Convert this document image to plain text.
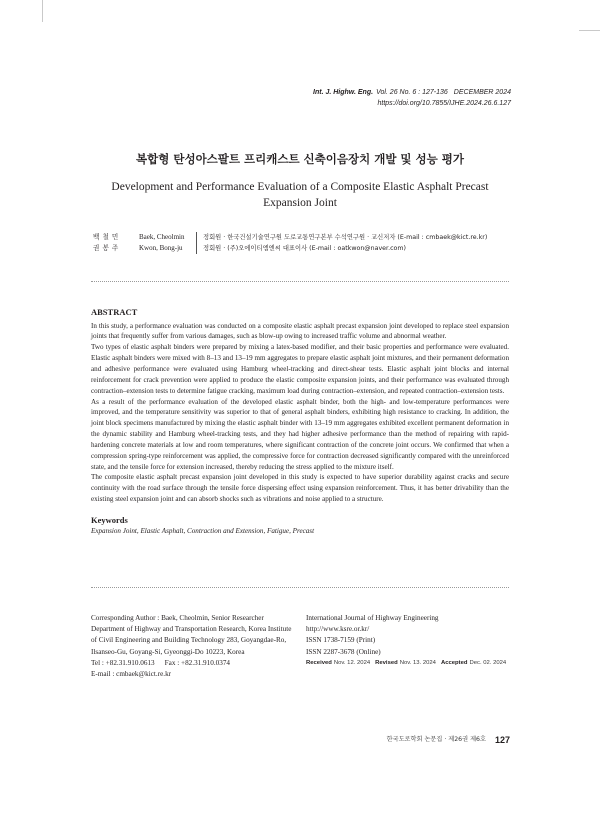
Int. J. Highw. Eng. Vol. 26 No. 6 : 127-136 DECEMBER 2024
https://doi.org/10.7855/IJHE.2024.26.6.127
복합형 탄성아스팔트 프리캐스트 신축이음장치 개발 및 성능 평가
Development and Performance Evaluation of a Composite Elastic Asphalt Precast Expansion Joint
백 철 민	Baek, Cheolmin	정회원 · 한국건설기술연구원 도로교통연구본부 수석연구원 · 교신저자 (E-mail : cmbaek@kict.re.kr)
권 봉 주	Kwon, Bong-ju	정회원 · (주)오에이티엠엔씨 대표이사 (E-mail : oatkwon@naver.com)
ABSTRACT

In this study, a performance evaluation was conducted on a composite elastic asphalt precast expansion joint developed to replace steel expansion joints that frequently suffer from various damages, such as blow-up owing to increased traffic volume and abnormal weather.

Two types of elastic asphalt binders were prepared by mixing a latex-based modifier, and their basic properties and performance were evaluated. Elastic asphalt binders were mixed with 8–13 and 13–19 mm aggregates to prepare elastic asphalt joint mixtures, and their permanent deformation and adhesive performance were evaluated using Hamburg wheel-tracking and direct-shear tests. Elastic asphalt joint blocks and internal reinforcement for crack prevention were applied to produce the elastic composite expansion joints, and their performance was evaluated through contraction–extension tests to determine fatigue cracking, maximum load during contraction–extension, and repeated contraction–extension tests.

As a result of the performance evaluation of the developed elastic asphalt binder, both the high- and low-temperature performances were improved, and the temperature sensitivity was superior to that of general asphalt binders, exhibiting high resistance to cracking. In addition, the joint block specimens manufactured by mixing the elastic asphalt binder with 13–19 mm aggregates exhibited excellent permanent deformation in the dynamic stability and Hamburg wheel-tracking tests, and they had higher adhesive performance than the method of repairing with rapid-hardening concrete materials at low and room temperatures, where significant contraction of the concrete joint occurs. We confirmed that when a compression spring-type reinforcement was applied, the compressive force for contraction decreased significantly compared with the unreinforced state, and the tensile force for extension increased, thereby reducing the stress applied to the mixture itself.

The composite elastic asphalt precast expansion joint developed in this study is expected to have superior durability against cracks and secure continuity with the road surface through the tensile force dispersing effect using expansion reinforcement. Thus, it has better drivability than the existing steel expansion joint and can absorb shocks such as vibrations and noise applied to a structure.

Keywords
Expansion Joint, Elastic Asphalt, Contraction and Extension, Fatigue, Precast
Corresponding Author : Baek, Cheolmin, Senior Researcher
Department of Highway and Transportation Research, Korea Institute
of Civil Engineering and Building Technology 283, Goyangdae-Ro,
Ilsanseo-Gu, Goyang-Si, Gyeonggi-Do 10223, Korea
Tel : +82.31.910.0613 Fax : +82.31.910.0374
E-mail : cmbaek@kict.re.kr
International Journal of Highway Engineering
http://www.ksre.or.kr/
ISSN 1738-7159 (Print)
ISSN 2287-3678 (Online)
Received Nov. 12. 2024 Revised Nov. 13. 2024 Accepted Dec. 02. 2024
한국도로학회 논문집 · 제26권 제6호 127
